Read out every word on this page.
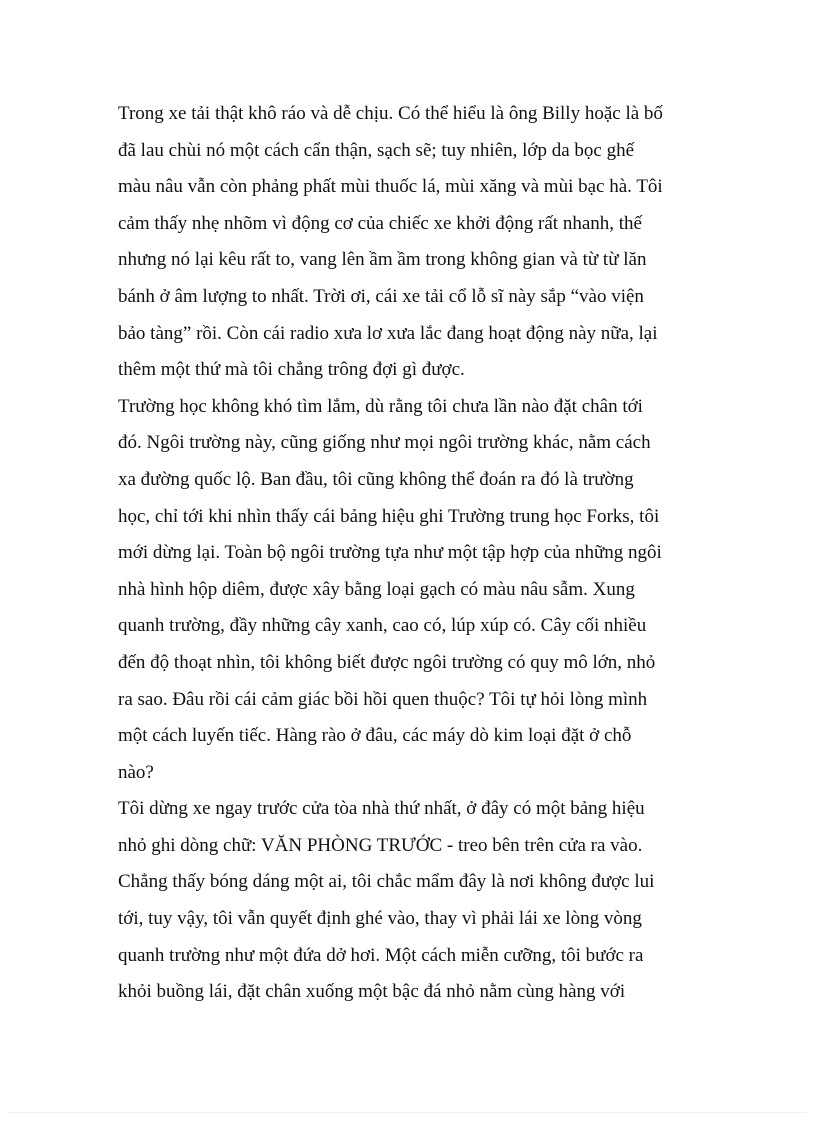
Trong xe tải thật khô ráo và dễ chịu. Có thể hiểu là ông Billy hoặc là bố
đã lau chùi nó một cách cẩn thận, sạch sẽ; tuy nhiên, lớp da bọc ghế
màu nâu vẫn còn phảng phất mùi thuốc lá, mùi xăng và mùi bạc hà. Tôi
cảm thấy nhẹ nhõm vì động cơ của chiếc xe khởi động rất nhanh, thế
nhưng nó lại kêu rất to, vang lên ầm ầm trong không gian và từ từ lăn
bánh ở âm lượng to nhất. Trời ơi, cái xe tải cổ lỗ sĩ này sắp “vào viện
bảo tàng” rồi. Còn cái radio xưa lơ xưa lắc đang hoạt động này nữa, lại
thêm một thứ mà tôi chẳng trông đợi gì được.
Trường học không khó tìm lắm, dù rằng tôi chưa lần nào đặt chân tới
đó. Ngôi trường này, cũng giống như mọi ngôi trường khác, nằm cách
xa đường quốc lộ. Ban đầu, tôi cũng không thể đoán ra đó là trường
học, chỉ tới khi nhìn thấy cái bảng hiệu ghi Trường trung học Forks, tôi
mới dừng lại. Toàn bộ ngôi trường tựa như một tập hợp của những ngôi
nhà hình hộp diêm, được xây bằng loại gạch có màu nâu sẫm. Xung
quanh trường, đầy những cây xanh, cao có, lúp xúp có. Cây cối nhiều
đến độ thoạt nhìn, tôi không biết được ngôi trường có quy mô lớn, nhỏ
ra sao. Đâu rồi cái cảm giác bồi hồi quen thuộc? Tôi tự hỏi lòng mình
một cách luyến tiếc. Hàng rào ở đâu, các máy dò kim loại đặt ở chỗ
nào?
Tôi dừng xe ngay trước cửa tòa nhà thứ nhất, ở đây có một bảng hiệu
nhỏ ghi dòng chữ: VĂN PHÒNG TRƯỚC - treo bên trên cửa ra vào.
Chẳng thấy bóng dáng một ai, tôi chắc mẩm đây là nơi không được lui
tới, tuy vậy, tôi vẫn quyết định ghé vào, thay vì phải lái xe lòng vòng
quanh trường như một đứa dở hơi. Một cách miễn cưỡng, tôi bước ra
khỏi buồng lái, đặt chân xuống một bậc đá nhỏ nằm cùng hàng với
